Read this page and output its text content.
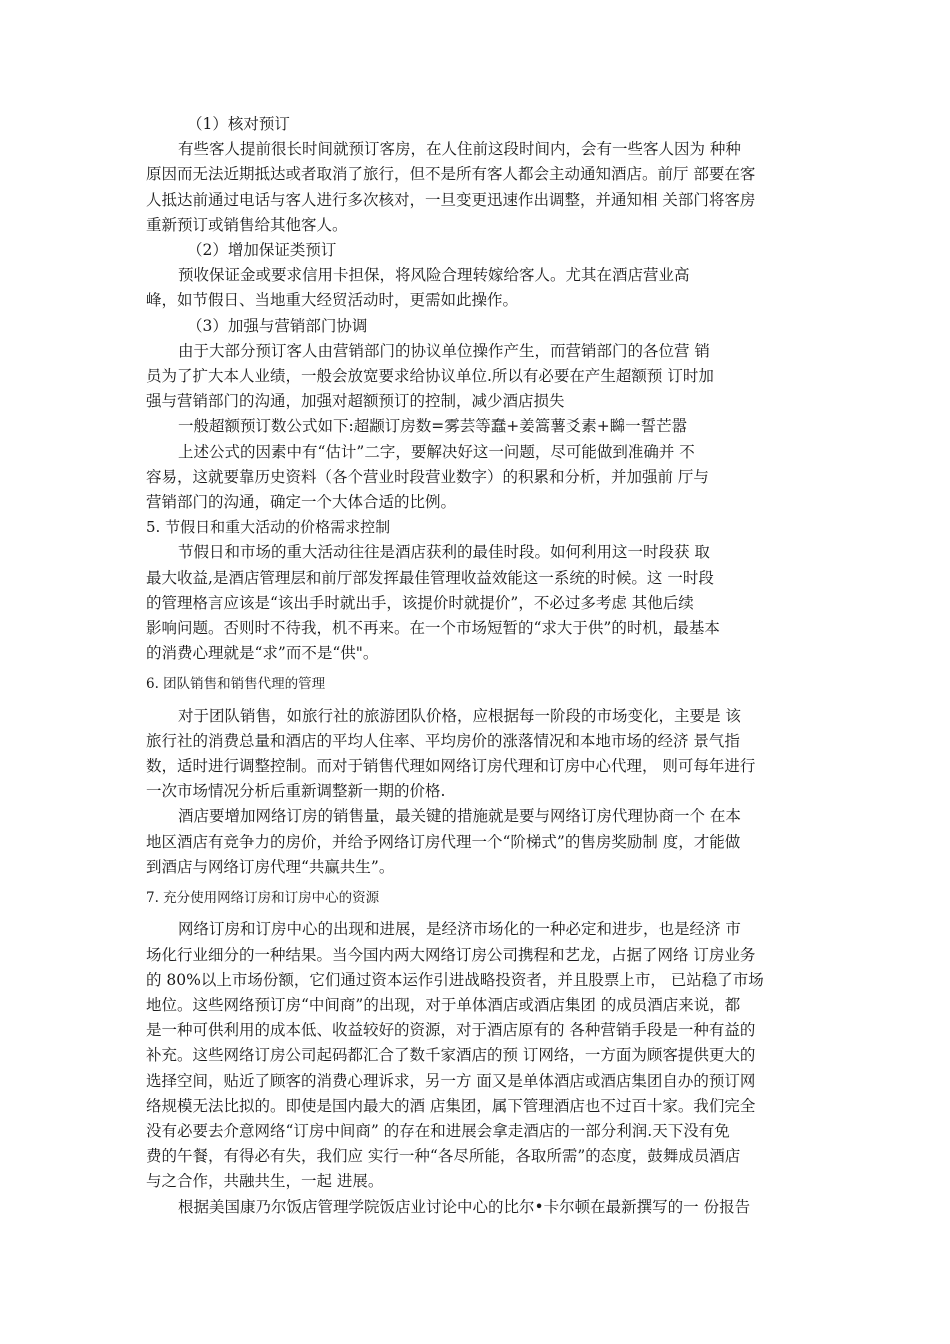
（1）核对预订

有些客人提前很长时间就预订客房，在人住前这段时间内，会有一些客人因为 种种

原因而无法近期抵达或者取消了旅行，但不是所有客人都会主动通知酒店。前厅 部要在客

人抵达前通过电话与客人进行多次核对，一旦变更迅速作出调整，并通知相 关部门将客房

重新预订或销售给其他客人。

（2）增加保证类预订

预收保证金或要求信用卡担保，将风险合理转嫁给客人。尤其在酒店营业高

峰，如节假日、当地重大经贸活动时，更需如此操作。

（3）加强与营销部门协调

由于大部分预订客人由营销部门的协议单位操作产生，而营销部门的各位营 销

员为了扩大本人业绩，一般会放宽要求给协议单位.所以有必要在产生超额预 订时加

强与营销部门的沟通，加强对超额预订的控制，减少酒店损失

一般超额预订数公式如下:超颛订房数=雾芸等蠢+姜篙薯爻素+矊一誓芒嚣

上述公式的因素中有“估计”二字，要解决好这一问题，尽可能做到准确并 不

容易，这就要靠历史资料（各个营业时段营业数字）的积累和分析，并加强前 厅与

营销部门的沟通，确定一个大体合适的比例。

5. 节假日和重大活动的价格需求控制

节假日和市场的重大活动往往是酒店获利的最佳时段。如何利用这一时段获 取

最大收益,是酒店管理层和前厅部发挥最佳管理收益效能这一系统的时候。这 一时段

的管理格言应该是“该出手时就出手，该提价时就提价”，不必过多考虑 其他后续

影响问题。否则时不待我，机不再来。在一个市场短暂的“求大于供”的时机，最基本

的消费心理就是“求”而不是“供"。

6. 团队销售和销售代理的管理

对于团队销售，如旅行社的旅游团队价格，应根据每一阶段的市场变化，主要是 该

旅行社的消费总量和酒店的平均人住率、平均房价的涨落情况和本地市场的经济 景气指

数，适时进行调整控制。而对于销售代理如网络订房代理和订房中心代理， 则可每年进行

一次市场情况分析后重新调整新一期的价格.

酒店要增加网络订房的销售量，最关键的措施就是要与网络订房代理协商一个 在本

地区酒店有竞争力的房价，并给予网络订房代理一个“阶梯式”的售房奖励制 度，才能做

到酒店与网络订房代理“共赢共生”。

7. 充分使用网络订房和订房中心的资源

网络订房和订房中心的出现和进展，是经济市场化的一种必定和进步，也是经济 市

场化行业细分的一种结果。当今国内两大网络订房公司携程和艺龙，占据了网络 订房业务

的 80%以上市场份额，它们通过资本运作引进战略投资者，并且股票上市， 已站稳了市场

地位。这些网络预订房“中间商”的出现，对于单体酒店或酒店集团 的成员酒店来说，都

是一种可供利用的成本低、收益较好的资源，对于酒店原有的 各种营销手段是一种有益的

补充。这些网络订房公司起码都汇合了数千家酒店的预 订网络，一方面为顾客提供更大的

选择空间，贴近了顾客的消费心理诉求，另一方 面又是单体酒店或酒店集团自办的预订网

络规模无法比拟的。即使是国内最大的酒 店集团，属下管理酒店也不过百十家。我们完全

没有必要去介意网络“订房中间商” 的存在和进展会拿走酒店的一部分利润.天下没有免

费的午餐，有得必有失，我们应 实行一种“各尽所能，各取所需”的态度，鼓舞成员酒店

与之合作，共融共生，一起 进展。

根据美国康乃尔饭店管理学院饭店业讨论中心的比尔•卡尔顿在最新撰写的一 份报告
